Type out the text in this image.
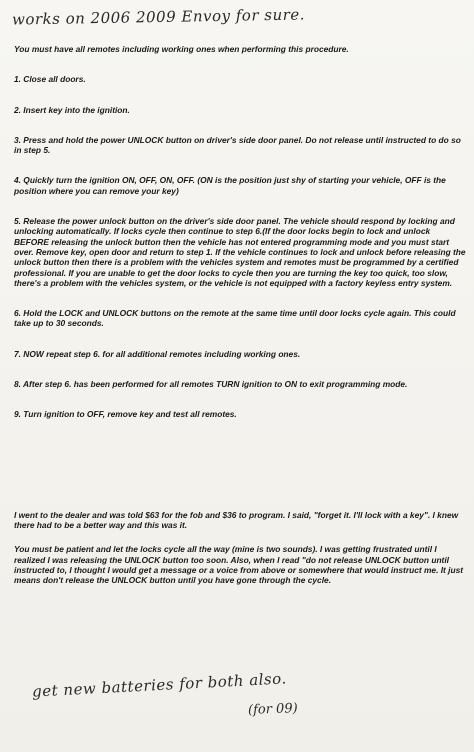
works on 2006 2009 Envoy for sure.

You must have all remotes including working ones when performing this procedure.

1. Close all doors.

2. Insert key into the ignition.

3. Press and hold the power UNLOCK button on driver's side door panel. Do not release until instructed to do so in step 5.

4. Quickly turn the ignition ON, OFF, ON, OFF. (ON is the position just shy of starting your vehicle, OFF is the position where you can remove your key)

5. Release the power unlock button on the driver's side door panel. The vehicle should respond by locking and unlocking automatically. If locks cycle then continue to step 6.(If the door locks begin to lock and unlock BEFORE releasing the unlock button then the vehicle has not entered programming mode and you must start over. Remove key, open door and return to step 1. If the vehicle continues to lock and unlock before releasing the unlock button then there is a problem with the vehicles system and remotes must be programmed by a certified professional. If you are unable to get the door locks to cycle then you are turning the key too quick, too slow, there's a problem with the vehicles system, or the vehicle is not equipped with a factory keyless entry system.

6. Hold the LOCK and UNLOCK buttons on the remote at the same time until door locks cycle again. This could take up to 30 seconds.

7. NOW repeat step 6. for all additional remotes including working ones.

8. After step 6. has been performed for all remotes TURN ignition to ON to exit programming mode.

9. Turn ignition to OFF, remove key and test all remotes.

I went to the dealer and was told $63 for the fob and $36 to program. I said, "forget it. I'll lock with a key". I knew there had to be a better way and this was it.

You must be patient and let the locks cycle all the way (mine is two sounds). I was getting frustrated until I realized I was releasing the UNLOCK button too soon. Also, when I read "do not release UNLOCK button until instructed to, I thought I would get a message or a voice from above or somewhere that would instruct me. It just means don't release the UNLOCK button until you have gone through the cycle.

get new batteries for both also.
(for 09)
